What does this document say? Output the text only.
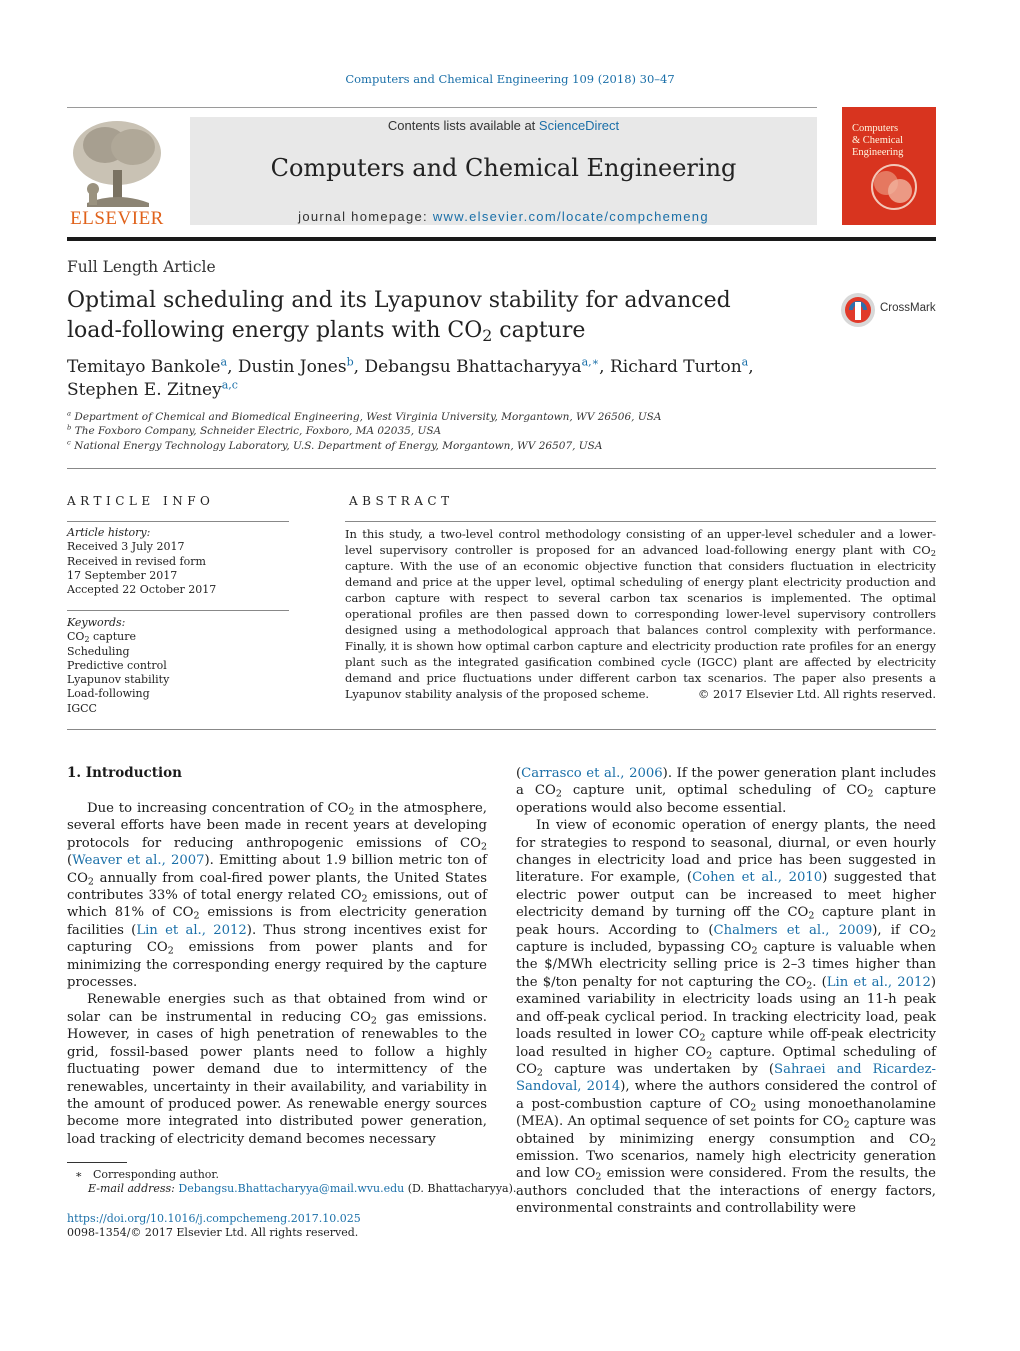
Computers and Chemical Engineering 109 (2018) 30–47
ELSEVIER
Contents lists available at ScienceDirect
Computers and Chemical Engineering
journal homepage: www.elsevier.com/locate/compchemeng
Computers
& Chemical
Engineering
Full Length Article
Optimal scheduling and its Lyapunov stability for advanced
load-following energy plants with $CO_2$ capture
CrossMark
Temitayo Bankole$^a$, Dustin Jones$^b$, Debangsu Bhattacharyya$^{a,∗}$, Richard Turton$^a$,
Stephen E. Zitney$^{a,c}$
$^a$ Department of Chemical and Biomedical Engineering, West Virginia University, Morgantown, WV 26506, USA
$^b$ The Foxboro Company, Schneider Electric, Foxboro, MA 02035, USA
$^c$ National Energy Technology Laboratory, U.S. Department of Energy, Morgantown, WV 26507, USA
ARTICLE INFO
Article history:
Received 3 July 2017
Received in revised form
17 September 2017
Accepted 22 October 2017
Keywords:
$CO_2$ capture
Scheduling
Predictive control
Lyapunov stability
Load-following
IGCC
ABSTRACT
In this study, a two-level control methodology consisting of an upper-level scheduler and a lower-level supervisory controller is proposed for an advanced load-following energy plant with $CO_2$ capture. With the use of an economic objective function that considers fluctuation in electricity demand and price at the upper level, optimal scheduling of energy plant electricity production and carbon capture with respect to several carbon tax scenarios is implemented. The optimal operational profiles are then passed down to corresponding lower-level supervisory controllers designed using a methodological approach that balances control complexity with performance. Finally, it is shown how optimal carbon capture and electricity production rate profiles for an energy plant such as the integrated gasification combined cycle (IGCC) plant are affected by electricity demand and price fluctuations under different carbon tax scenarios. The paper also presents a Lyapunov stability analysis of the proposed scheme.	© 2017 Elsevier Ltd. All rights reserved.
1. Introduction

Due to increasing concentration of $CO_2$ in the atmosphere, several efforts have been made in recent years at developing protocols for reducing anthropogenic emissions of $CO_2$ (Weaver et al., 2007). Emitting about 1.9 billion metric ton of $CO_2$ annually from coal-fired power plants, the United States contributes 33% of total energy related $CO_2$ emissions, out of which 81% of $CO_2$ emissions is from electricity generation facilities (Lin et al., 2012). Thus strong incentives exist for capturing $CO_2$ emissions from power plants and for minimizing the corresponding energy required by the capture processes.

Renewable energies such as that obtained from wind or solar can be instrumental in reducing $CO_2$ gas emissions. However, in cases of high penetration of renewables to the grid, fossil-based power plants need to follow a highly fluctuating power demand due to intermittency of the renewables, uncertainty in their availability, and variability in the amount of produced power. As renewable energy sources become more integrated into distributed power generation, load tracking of electricity demand becomes necessary

(Carrasco et al., 2006). If the power generation plant includes a $CO_2$ capture unit, optimal scheduling of $CO_2$ capture operations would also become essential.

In view of economic operation of energy plants, the need for strategies to respond to seasonal, diurnal, or even hourly changes in electricity load and price has been suggested in literature. For example, (Cohen et al., 2010) suggested that electric power output can be increased to meet higher electricity demand by turning off the $CO_2$ capture plant in peak hours. According to (Chalmers et al., 2009), if $CO_2$ capture is included, bypassing $CO_2$ capture is valuable when the $/MWh electricity selling price is 2–3 times higher than the $/ton penalty for not capturing the $CO_2$. (Lin et al., 2012) examined variability in electricity loads using an 11-h peak and off-peak cyclical period. In tracking electricity load, peak loads resulted in lower $CO_2$ capture while off-peak electricity load resulted in higher $CO_2$ capture. Optimal scheduling of $CO_2$ capture was undertaken by (Sahraei and Ricardez-Sandoval, 2014), where the authors considered the control of a post-combustion capture of $CO_2$ using monoethanolamine (MEA). An optimal sequence of set points for $CO_2$ capture was obtained by minimizing energy consumption and $CO_2$ emission. Two scenarios, namely high electricity generation and low $CO_2$ emission were considered. From the results, the authors concluded that the interactions of energy factors, environmental constraints and controllability were

∗ Corresponding author.
E-mail address: Debangsu.Bhattacharyya@mail.wvu.edu (D. Bhattacharyya).
https://doi.org/10.1016/j.compchemeng.2017.10.025
0098-1354/© 2017 Elsevier Ltd. All rights reserved.
